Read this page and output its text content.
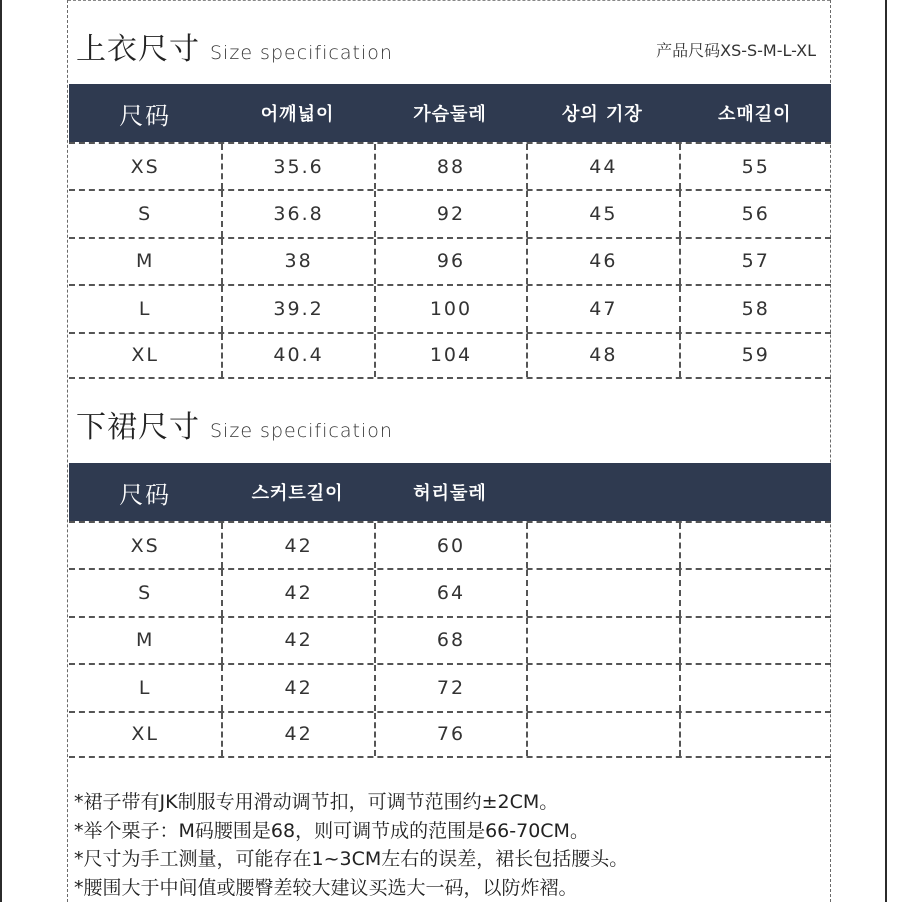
上衣尺寸 Size specification	产品尺码XS-S-M-L-XL
尺码	어깨넓이	가슴둘레	상의 기장	소매길이
XS	35.6	88	44	55
S	36.8	92	45	56
M	38	96	46	57
L	39.2	100	47	58
XL	40.4	104	48	59
下裙尺寸 Size specification
尺码	스커트길이	허리둘레
XS	42	60
S	42	64
M	42	68
L	42	72
XL	42	76
*裙子带有JK制服专用滑动调节扣，可调节范围约±2CM。
*举个栗子：M码腰围是68，则可调节成的范围是66-70CM。
*尺寸为手工测量，可能存在1~3CM左右的误差，裙长包括腰头。
*腰围大于中间值或腰臀差较大建议买选大一码，以防炸褶。
